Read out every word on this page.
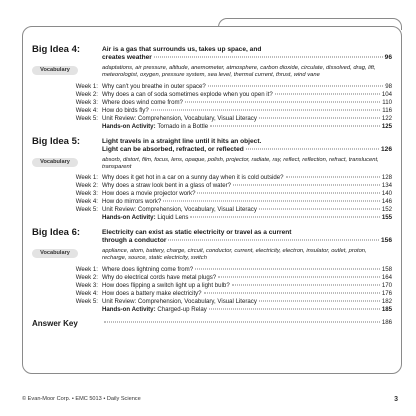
Big Idea 4:	Air is a gas that surrounds us, takes up space, and
creates weather	96
Vocabulary	adaptations, air pressure, altitude, anemometer, atmosphere, carbon dioxide, circulate, dissolved, drag, lift, meteorologist, oxygen, pressure system, sea level, thermal current, thrust, wind vane
Week 1: Why can't you breathe in outer space?	98
Week 2: Why does a can of soda sometimes explode when you open it?	104
Week 3: Where does wind come from?	110
Week 4: How do birds fly?	116
Week 5: Unit Review: Comprehension, Vocabulary, Visual Literacy	122
Hands-on Activity: Tornado in a Bottle	125
Big Idea 5:	Light travels in a straight line until it hits an object.
Light can be absorbed, refracted, or reflected	126
Vocabulary	absorb, distort, film, focus, lens, opaque, polish, projector, radiate, ray, reflect, reflection, refract, translucent, transparent
Week 1: Why does it get hot in a car on a sunny day when it is cold outside?	128
Week 2: Why does a straw look bent in a glass of water?	134
Week 3: How does a movie projector work?	140
Week 4: How do mirrors work?	146
Week 5: Unit Review: Comprehension, Vocabulary, Visual Literacy	152
Hands-on Activity: Liquid Lens	155
Big Idea 6:	Electricity can exist as static electricity or travel as a current
through a conductor	156
Vocabulary	appliance, atom, battery, charge, circuit, conductor, current, electricity, electron, insulator, outlet, proton, recharge, source, static electricity, switch
Week 1: Where does lightning come from?	158
Week 2: Why do electrical cords have metal plugs?	164
Week 3: How does flipping a switch light up a light bulb?	170
Week 4: How does a battery make electricity?	176
Week 5: Unit Review: Comprehension, Vocabulary, Visual Literacy	182
Hands-on Activity: Charged-up Relay	185
Answer Key	186
© Evan-Moor Corp. • EMC 5013 • Daily Science	3
